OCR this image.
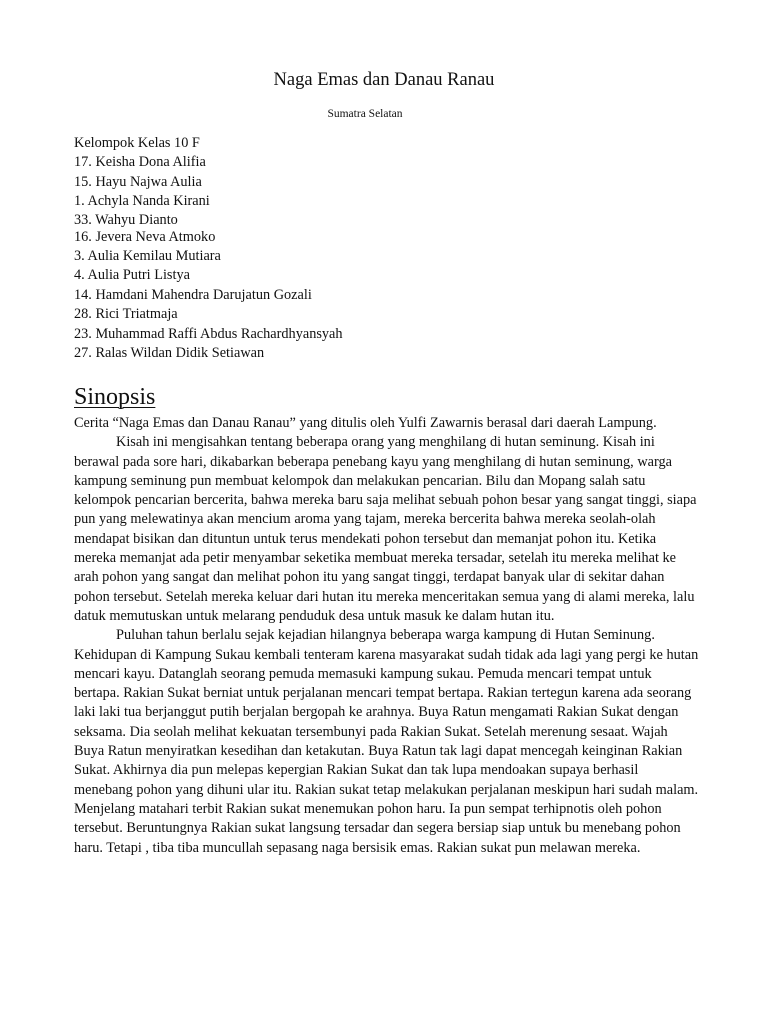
Naga Emas dan Danau Ranau
Sumatra Selatan
Kelompok Kelas 10 F
17. Keisha Dona Alifia
15. Hayu Najwa Aulia
1. Achyla Nanda Kirani
33. Wahyu Dianto
16. Jevera Neva Atmoko
3. Aulia Kemilau Mutiara
4. Aulia Putri Listya
14. Hamdani Mahendra Darujatun Gozali
28. Rici Triatmaja
23. Muhammad Raffi Abdus Rachardhyansyah
27. Ralas Wildan Didik Setiawan
Sinopsis

Cerita “Naga Emas dan Danau Ranau” yang ditulis oleh Yulfi Zawarnis berasal dari daerah Lampung.

Kisah ini mengisahkan tentang beberapa orang yang menghilang di hutan seminung. Kisah ini berawal pada sore hari, dikabarkan beberapa penebang kayu yang menghilang di hutan seminung, warga kampung seminung pun membuat kelompok dan melakukan pencarian. Bilu dan Mopang salah satu kelompok pencarian bercerita, bahwa mereka baru saja melihat sebuah pohon besar yang sangat tinggi, siapa pun yang melewatinya akan mencium aroma yang tajam, mereka bercerita bahwa mereka seolah-olah mendapat bisikan dan dituntun untuk terus mendekati pohon tersebut dan memanjat pohon itu. Ketika mereka memanjat ada petir menyambar seketika membuat mereka tersadar, setelah itu mereka melihat ke arah pohon yang sangat dan melihat pohon itu yang sangat tinggi, terdapat banyak ular di sekitar dahan pohon tersebut. Setelah mereka keluar dari hutan itu mereka menceritakan semua yang di alami mereka, lalu datuk memutuskan untuk melarang penduduk desa untuk masuk ke dalam hutan itu.

Puluhan tahun berlalu sejak kejadian hilangnya beberapa warga kampung di Hutan Seminung. Kehidupan di Kampung Sukau kembali tenteram karena masyarakat sudah tidak ada lagi yang pergi ke hutan mencari kayu. Datanglah seorang pemuda memasuki kampung sukau. Pemuda mencari tempat untuk bertapa. Rakian Sukat berniat untuk perjalanan mencari tempat bertapa. Rakian tertegun karena ada seorang laki laki tua berjanggut putih berjalan bergopah ke arahnya. Buya Ratun mengamati Rakian Sukat dengan seksama. Dia seolah melihat kekuatan tersembunyi pada Rakian Sukat. Setelah merenung sesaat. Wajah Buya Ratun menyiratkan kesedihan dan ketakutan. Buya Ratun tak lagi dapat mencegah keinginan Rakian Sukat. Akhirnya dia pun melepas kepergian Rakian Sukat dan tak lupa mendoakan supaya berhasil menebang pohon yang dihuni ular itu. Rakian sukat tetap melakukan perjalanan meskipun hari sudah malam. Menjelang matahari terbit Rakian sukat menemukan pohon haru. Ia pun sempat terhipnotis oleh pohon tersebut. Beruntungnya Rakian sukat langsung tersadar dan segera bersiap siap untuk bu menebang pohon haru. Tetapi , tiba tiba muncullah sepasang naga bersisik emas. Rakian sukat pun melawan mereka.
